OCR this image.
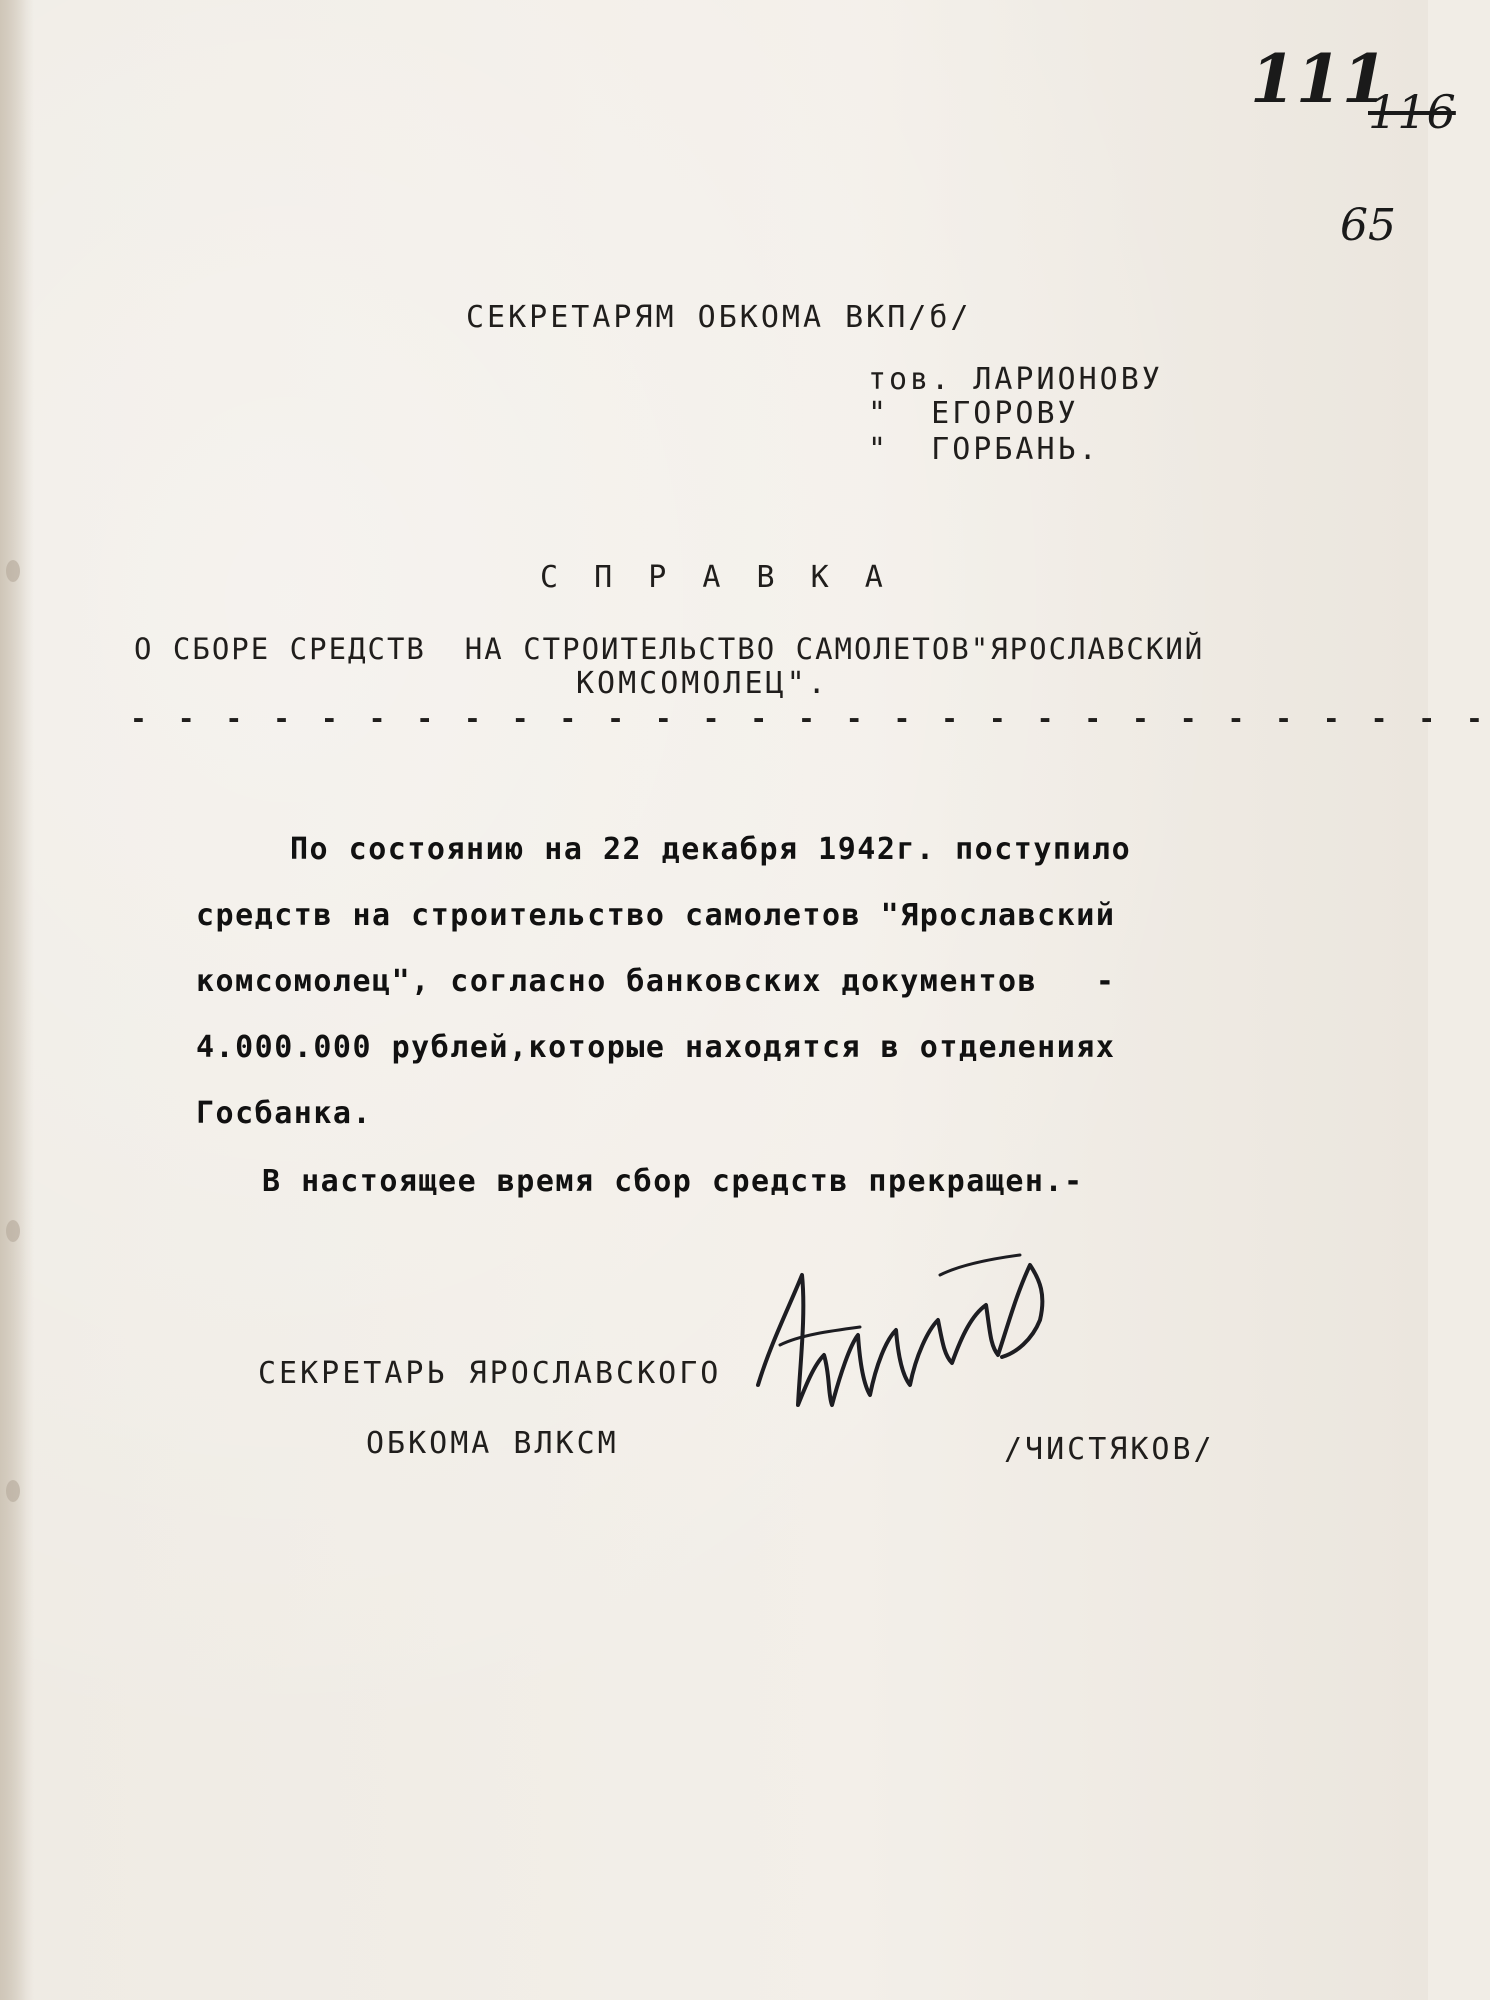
111
116
65
СЕКРЕТАРЯМ ОБКОМА ВКП/б/
тов. ЛАРИОНОВУ
"  ЕГОРОВУ
"  ГОРБАНЬ.
С П Р А В К А
О СБОРЕ СРЕДСТВ  НА СТРОИТЕЛЬСТВО САМОЛЕТОВ"ЯРОСЛАВСКИЙ
КОМСОМОЛЕЦ".
- - - - - - - - - - - - - - - - - - - - - - - - - - - - -
По состоянию на 22 декабря 1942г. поступило
средств на строительство самолетов "Ярославский
комсомолец", согласно банковских документов   -
4.000.000 рублей,которые находятся в отделениях
Госбанка.
В настоящее время сбор средств прекращен.-
СЕКРЕТАРЬ ЯРОСЛАВСКОГО
ОБКОМА ВЛКСМ	/ЧИСТЯКОВ/
